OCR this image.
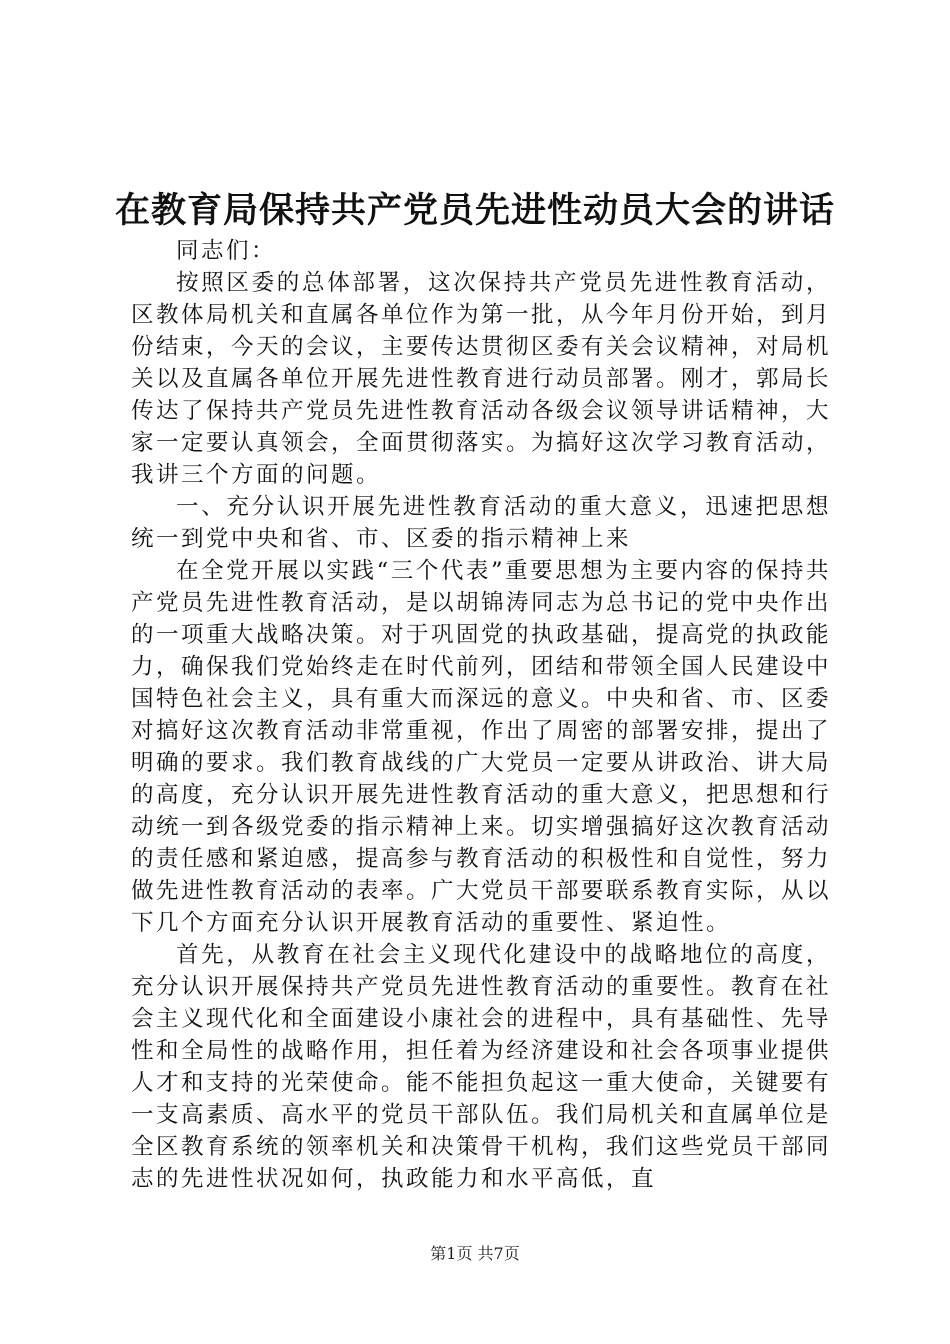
在教育局保持共产党员先进性动员大会的讲话

同志们：

按照区委的总体部署，这次保持共产党员先进性教育活动，区教体局机关和直属各单位作为第一批，从今年月份开始，到月份结束，今天的会议，主要传达贯彻区委有关会议精神，对局机关以及直属各单位开展先进性教育进行动员部署。刚才，郭局长传达了保持共产党员先进性教育活动各级会议领导讲话精神，大家一定要认真领会，全面贯彻落实。为搞好这次学习教育活动，我讲三个方面的问题。

一、充分认识开展先进性教育活动的重大意义，迅速把思想统一到党中央和省、市、区委的指示精神上来

在全党开展以实践“三个代表”重要思想为主要内容的保持共产党员先进性教育活动，是以胡锦涛同志为总书记的党中央作出的一项重大战略决策。对于巩固党的执政基础，提高党的执政能力，确保我们党始终走在时代前列，团结和带领全国人民建设中国特色社会主义，具有重大而深远的意义。中央和省、市、区委对搞好这次教育活动非常重视，作出了周密的部署安排，提出了明确的要求。我们教育战线的广大党员一定要从讲政治、讲大局的高度，充分认识开展先进性教育活动的重大意义，把思想和行动统一到各级党委的指示精神上来。切实增强搞好这次教育活动的责任感和紧迫感，提高参与教育活动的积极性和自觉性，努力做先进性教育活动的表率。广大党员干部要联系教育实际，从以下几个方面充分认识开展教育活动的重要性、紧迫性。

首先，从教育在社会主义现代化建设中的战略地位的高度，充分认识开展保持共产党员先进性教育活动的重要性。教育在社会主义现代化和全面建设小康社会的进程中，具有基础性、先导性和全局性的战略作用，担任着为经济建设和社会各项事业提供人才和支持的光荣使命。能不能担负起这一重大使命，关键要有一支高素质、高水平的党员干部队伍。我们局机关和直属单位是全区教育系统的领率机关和决策骨干机构，我们这些党员干部同志的先进性状况如何，执政能力和水平高低，直

第1页 共7页
